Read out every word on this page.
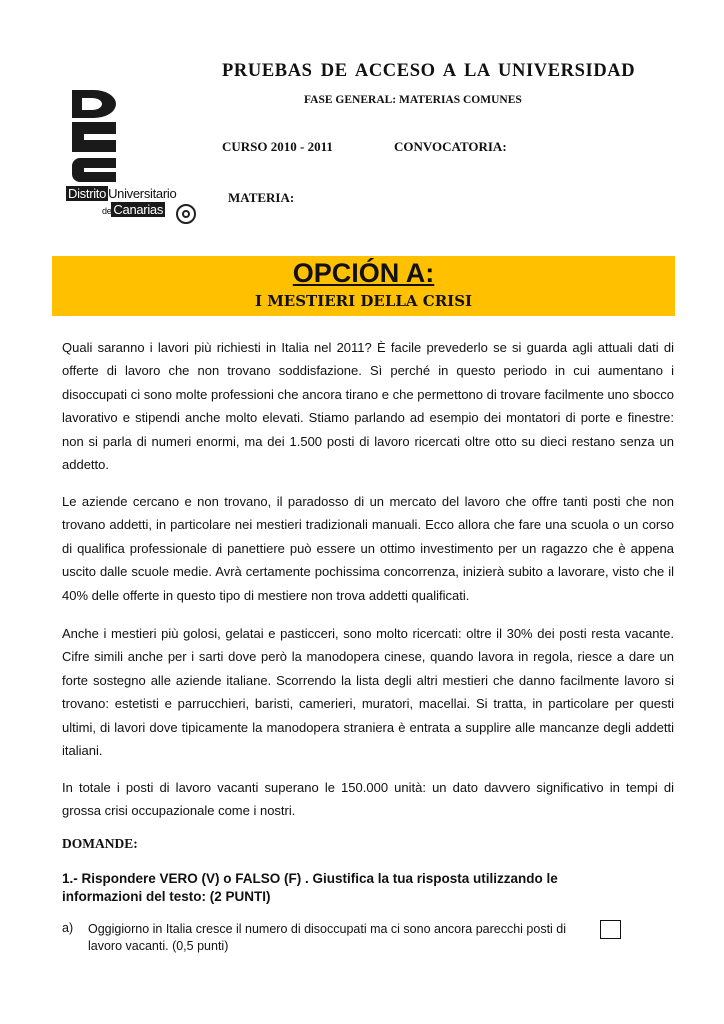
Distrito Universitario
de Canarias
PRUEBAS DE ACCESO A LA UNIVERSIDAD
FASE GENERAL: MATERIAS COMUNES
CURSO 2010 - 2011	CONVOCATORIA:
MATERIA:
OPCIÓN A:
I MESTIERI DELLA CRISI
Quali saranno i lavori più richiesti in Italia nel 2011? È facile prevederlo se si guarda agli attuali dati di offerte di lavoro che non trovano soddisfazione. Sì perché in questo periodo in cui aumentano i disoccupati ci sono molte professioni che ancora tirano e che permettono di trovare facilmente uno sbocco lavorativo e stipendi anche molto elevati. Stiamo parlando ad esempio dei montatori di porte e finestre: non si parla di numeri enormi, ma dei 1.500 posti di lavoro ricercati oltre otto su dieci restano senza un addetto.
Le aziende cercano e non trovano, il paradosso di un mercato del lavoro che offre tanti posti che non trovano addetti, in particolare nei mestieri tradizionali manuali. Ecco allora che fare una scuola o un corso di qualifica professionale di panettiere può essere un ottimo investimento per un ragazzo che è appena uscito dalle scuole medie. Avrà certamente pochissima concorrenza, inizierà subito a lavorare, visto che il 40% delle offerte in questo tipo di mestiere non trova addetti qualificati.
Anche i mestieri più golosi, gelatai e pasticceri, sono molto ricercati: oltre il 30% dei posti resta vacante. Cifre simili anche per i sarti dove però la manodopera cinese, quando lavora in regola, riesce a dare un forte sostegno alle aziende italiane. Scorrendo la lista degli altri mestieri che danno facilmente lavoro si trovano: estetisti e parrucchieri, baristi, camerieri, muratori, macellai. Si tratta, in particolare per questi ultimi, di lavori dove tipicamente la manodopera straniera è entrata a supplire alle mancanze degli addetti italiani.
In totale i posti di lavoro vacanti superano le 150.000 unità: un dato davvero significativo in tempi di grossa crisi occupazionale come i nostri.
DOMANDE:
1.- Rispondere VERO (V) o FALSO (F) . Giustifica la tua risposta utilizzando le informazioni del testo: (2 PUNTI)
a) Oggigiorno in Italia cresce il numero di disoccupati ma ci sono ancora parecchi posti di lavoro vacanti. (0,5 punti)
